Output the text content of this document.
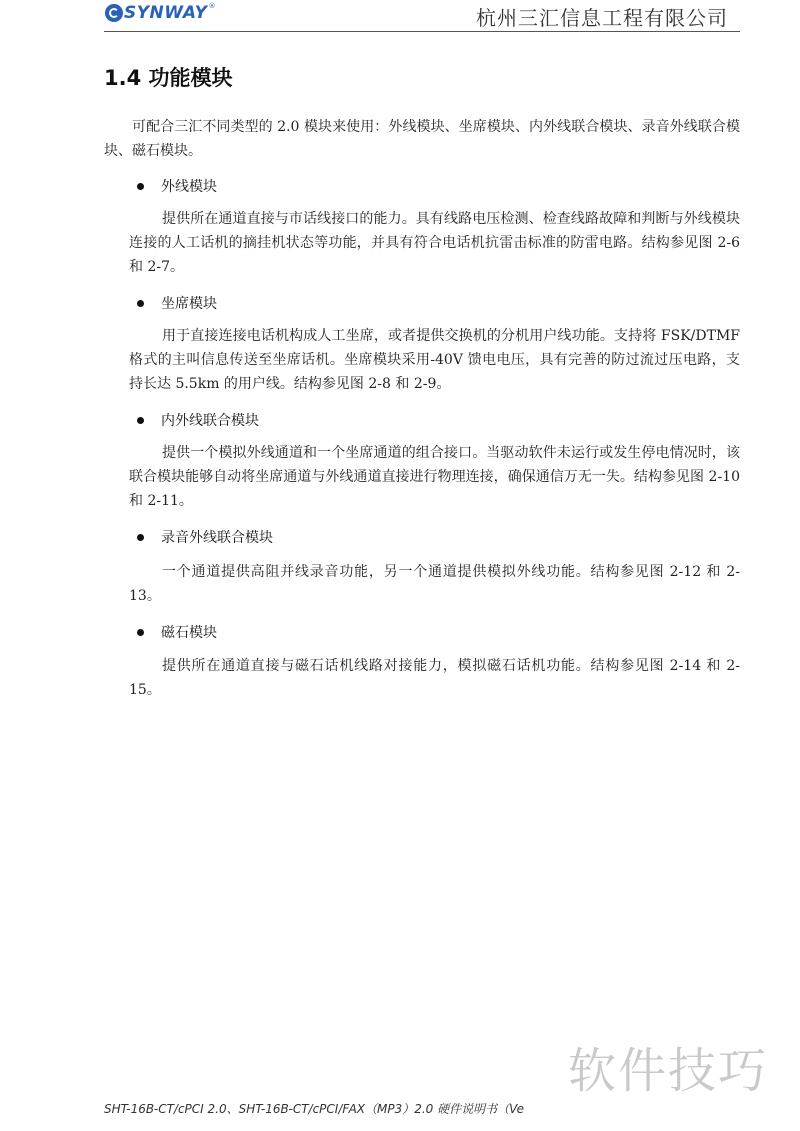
SYNWAY ®	杭州三汇信息工程有限公司
1.4 功能模块
可配合三汇不同类型的 2.0 模块来使用：外线模块、坐席模块、内外线联合模块、录音外线联合模块、磁石模块。
外线模块
提供所在通道直接与市话线接口的能力。具有线路电压检测、检查线路故障和判断与外线模块连接的人工话机的摘挂机状态等功能，并具有符合电话机抗雷击标准的防雷电路。结构参见图 2-6 和 2-7。
坐席模块
用于直接连接电话机构成人工坐席，或者提供交换机的分机用户线功能。支持将 FSK/DTMF 格式的主叫信息传送至坐席话机。坐席模块采用-40V 馈电电压，具有完善的防过流过压电路，支持长达 5.5km 的用户线。结构参见图 2-8 和 2-9。
内外线联合模块
提供一个模拟外线通道和一个坐席通道的组合接口。当驱动软件未运行或发生停电情况时，该联合模块能够自动将坐席通道与外线通道直接进行物理连接，确保通信万无一失。结构参见图 2-10 和 2-11。
录音外线联合模块
一个通道提供高阻并线录音功能，另一个通道提供模拟外线功能。结构参见图 2-12 和 2-13。
磁石模块
提供所在通道直接与磁石话机线路对接能力，模拟磁石话机功能。结构参见图 2-14 和 2-15。
软件技巧
SHT-16B-CT/cPCI 2.0、SHT-16B-CT/cPCI/FAX（MP3）2.0 硬件说明书（Ve
